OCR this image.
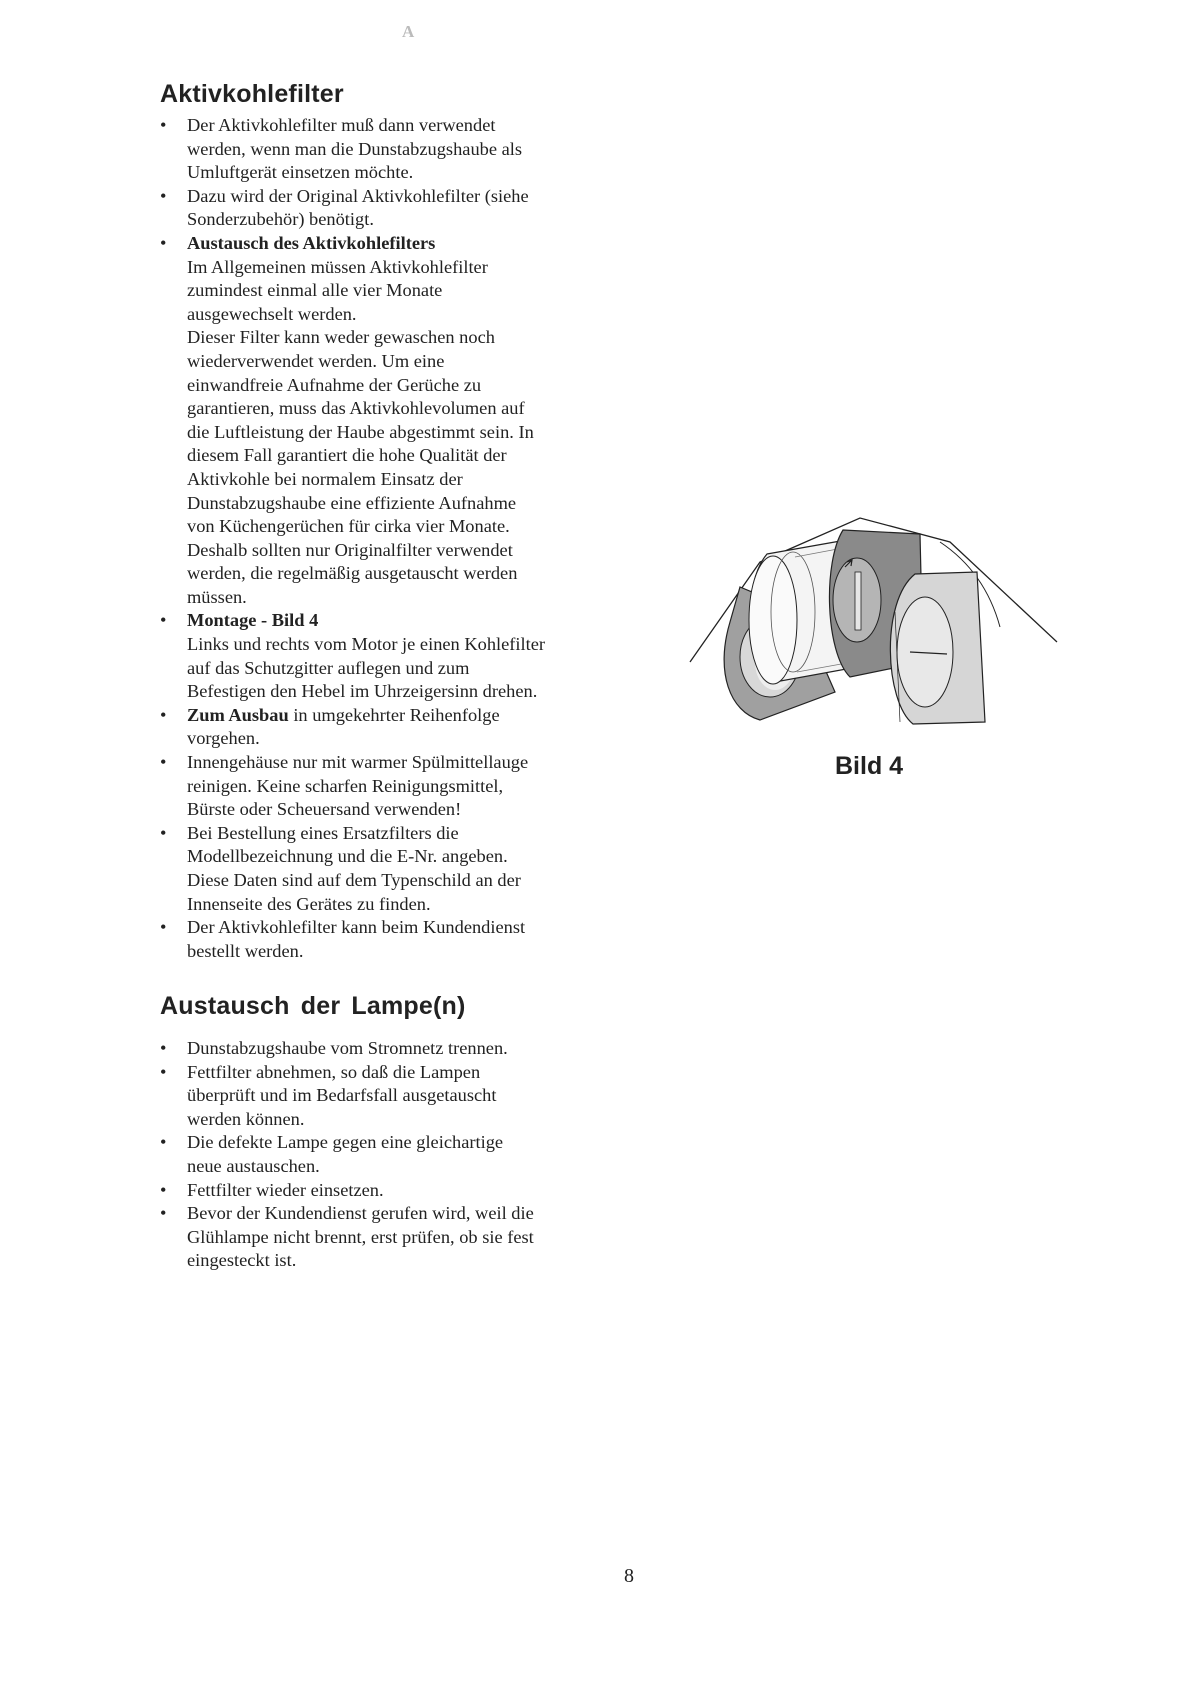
A
Aktivkohlefilter

• Der Aktivkohlefilter muß dann verwendet

werden, wenn man die Dunstabzugshaube als

Umluftgerät einsetzen möchte.

• Dazu wird der Original Aktivkohlefilter (siehe

Sonderzubehör) benötigt.

• Austausch des Aktivkohlefilters

Im Allgemeinen müssen Aktivkohlefilter

zumindest einmal alle vier Monate

ausgewechselt werden.

Dieser Filter kann weder gewaschen noch

wiederverwendet werden. Um eine

einwandfreie Aufnahme der Gerüche zu

garantieren, muss das Aktivkohlevolumen auf

die Luftleistung der Haube abgestimmt sein. In

diesem Fall garantiert die hohe Qualität der

Aktivkohle bei normalem Einsatz der

Dunstabzugshaube eine effiziente Aufnahme

von Küchengerüchen für cirka vier Monate.

Deshalb sollten nur Originalfilter verwendet

werden, die regelmäßig ausgetauscht werden

müssen.

• Montage - Bild 4

Links und rechts vom Motor je einen Kohlefilter

auf das Schutzgitter auflegen und zum

Befestigen den Hebel im Uhrzeigersinn drehen.

• Zum Ausbau in umgekehrter Reihenfolge

vorgehen.

• Innengehäuse nur mit warmer Spülmittellauge

reinigen. Keine scharfen Reinigungsmittel,

Bürste oder Scheuersand verwenden!

• Bei Bestellung eines Ersatzfilters die

Modellbezeichnung und die E-Nr. angeben.

Diese Daten sind auf dem Typenschild an der

Innenseite des Gerätes zu finden.

• Der Aktivkohlefilter kann beim Kundendienst

bestellt werden.

Austausch der Lampe(n)

• Dunstabzugshaube vom Stromnetz trennen.

• Fettfilter abnehmen, so daß die Lampen

überprüft und im Bedarfsfall ausgetauscht

werden können.

• Die defekte Lampe gegen eine gleichartige

neue austauschen.

• Fettfilter wieder einsetzen.

• Bevor der Kundendienst gerufen wird, weil die

Glühlampe nicht brennt, erst prüfen, ob sie fest

eingesteckt ist.

Bild 4
8
